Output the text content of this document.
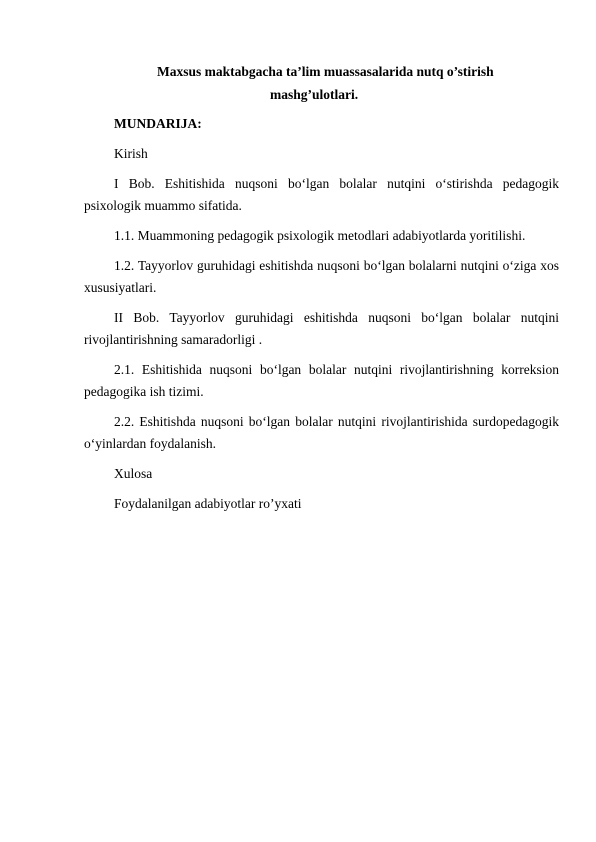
Maxsus maktabgacha ta’lim muassasalarida nutq o’stirish
mashg’ulotlari.

MUNDARIJA:

Kirish

I Bob. Eshitishida nuqsoni bo‘lgan bolalar nutqini o‘stirishda pedagogik psixologik muammo sifatida.

1.1. Muammoning pedagogik psixologik metodlari adabiyotlarda yoritilishi.

1.2. Tayyorlov guruhidagi eshitishda nuqsoni bo‘lgan bolalarni nutqini o‘ziga xos xususiyatlari.

II Bob. Tayyorlov guruhidagi eshitishda nuqsoni bo‘lgan bolalar nutqini rivojlantirishning samaradorligi .

2.1. Eshitishida nuqsoni bo‘lgan bolalar nutqini rivojlantirishning korreksion pedagogika ish tizimi.

2.2. Eshitishda nuqsoni bo‘lgan bolalar nutqini rivojlantirishida surdopedagogik o‘yinlardan foydalanish.

Xulosa

Foydalanilgan adabiyotlar ro’yxati
